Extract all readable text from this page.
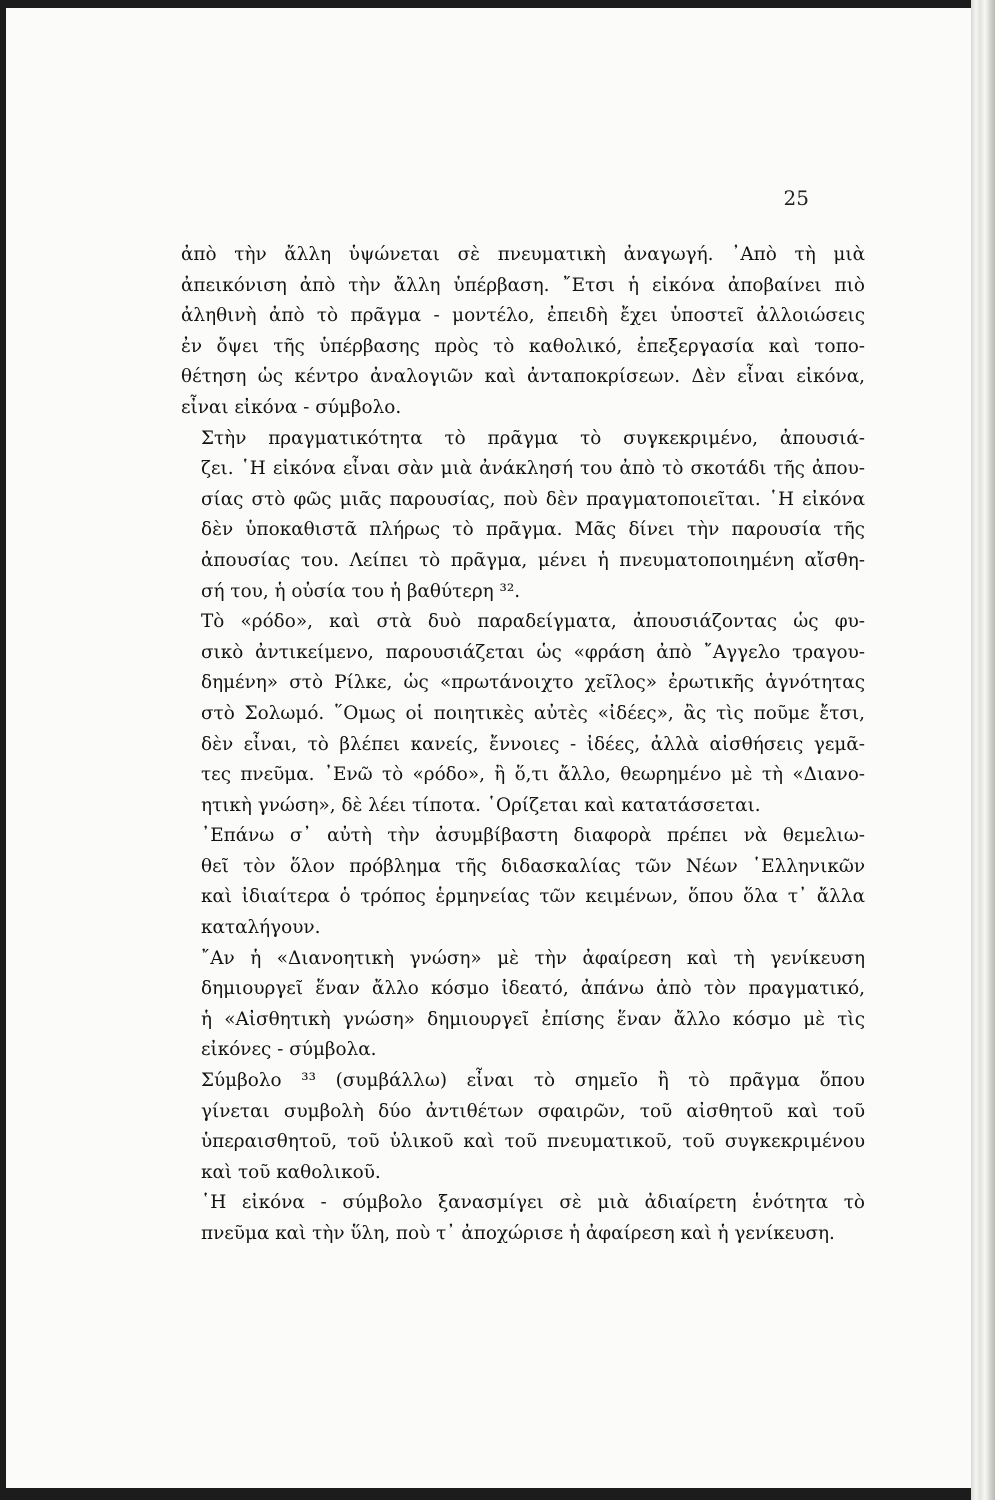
25

ἀπὸ τὴν ἄλλη ὑψώνεται σὲ πνευματικὴ ἀναγωγή. ᾿Απὸ τὴ μιὰ
ἀπεικόνιση ἀπὸ τὴν ἄλλη ὑπέρβαση. ῎Ετσι ἡ εἰκόνα ἀποβαίνει πιὸ
ἀληθινὴ ἀπὸ τὸ πρᾶγμα - μοντέλο, ἐπειδὴ ἔχει ὑποστεῖ ἀλλοιώσεις
ἐν ὄψει τῆς ὑπέρβασης πρὸς τὸ καθολικό, ἐπεξεργασία καὶ τοπο-
θέτηση ὡς κέντρο ἀναλογιῶν καὶ ἀνταποκρίσεων. Δὲν εἶναι εἰκόνα,
εἶναι εἰκόνα - σύμβολο.

Στὴν πραγματικότητα τὸ πρᾶγμα τὸ συγκεκριμένο, ἀπουσιά-
ζει. ῾Η εἰκόνα εἶναι σὰν μιὰ ἀνάκλησή του ἀπὸ τὸ σκοτάδι τῆς ἀπου-
σίας στὸ φῶς μιᾶς παρουσίας, ποὺ δὲν πραγματοποιεῖται. ῾Η εἰκόνα
δὲν ὑποκαθιστᾶ πλήρως τὸ πρᾶγμα. Μᾶς δίνει τὴν παρουσία τῆς
ἀπουσίας του. Λείπει τὸ πρᾶγμα, μένει ἡ πνευματοποιημένη αἴσθη-
σή του, ἡ οὐσία του ἡ βαθύτερη ³².

Τὸ «ρόδο», καὶ στὰ δυὸ παραδείγματα, ἀπουσιάζοντας ὡς φυ-
σικὸ ἀντικείμενο, παρουσιάζεται ὡς «φράση ἀπὸ ῎Αγγελο τραγου-
δημένη» στὸ Ρίλκε, ὡς «πρωτάνοιχτο χεῖλος» ἐρωτικῆς ἁγνότητας
στὸ Σολωμό. ῞Ομως οἱ ποιητικὲς αὐτὲς «ἰδέες», ἂς τὶς ποῦμε ἔτσι,
δὲν εἶναι, τὸ βλέπει κανείς, ἔννοιες - ἰδέες, ἀλλὰ αἰσθήσεις γεμᾶ-
τες πνεῦμα. ᾿Ενῶ τὸ «ρόδο», ἢ ὅ,τι ἄλλο, θεωρημένο μὲ τὴ «Διανο-
ητικὴ γνώση», δὲ λέει τίποτα. ῾Ορίζεται καὶ κατατάσσεται.

᾿Επάνω σ᾿ αὐτὴ τὴν ἀσυμβίβαστη διαφορὰ πρέπει νὰ θεμελιω-
θεῖ τὸν ὅλον πρόβλημα τῆς διδασκαλίας τῶν Νέων ῾Ελληνικῶν
καὶ ἰδιαίτερα ὁ τρόπος ἑρμηνείας τῶν κειμένων, ὅπου ὅλα τ᾿ ἄλλα
καταλήγουν.

῎Αν ἡ «Διανοητικὴ γνώση» μὲ τὴν ἀφαίρεση καὶ τὴ γενίκευση
δημιουργεῖ ἕναν ἄλλο κόσμο ἰδεατό, ἀπάνω ἀπὸ τὸν πραγματικό,
ἡ «Αἰσθητικὴ γνώση» δημιουργεῖ ἐπίσης ἕναν ἄλλο κόσμο μὲ τὶς
εἰκόνες - σύμβολα.

Σύμβολο ³³ (συμβάλλω) εἶναι τὸ σημεῖο ἢ τὸ πρᾶγμα ὅπου
γίνεται συμβολὴ δύο ἀντιθέτων σφαιρῶν, τοῦ αἰσθητοῦ καὶ τοῦ
ὑπεραισθητοῦ, τοῦ ὑλικοῦ καὶ τοῦ πνευματικοῦ, τοῦ συγκεκριμένου
καὶ τοῦ καθολικοῦ.

῾Η εἰκόνα - σύμβολο ξανασμίγει σὲ μιὰ ἀδιαίρετη ἑνότητα τὸ
πνεῦμα καὶ τὴν ὕλη, ποὺ τ᾿ ἀποχώρισε ἡ ἀφαίρεση καὶ ἡ γενίκευση.
